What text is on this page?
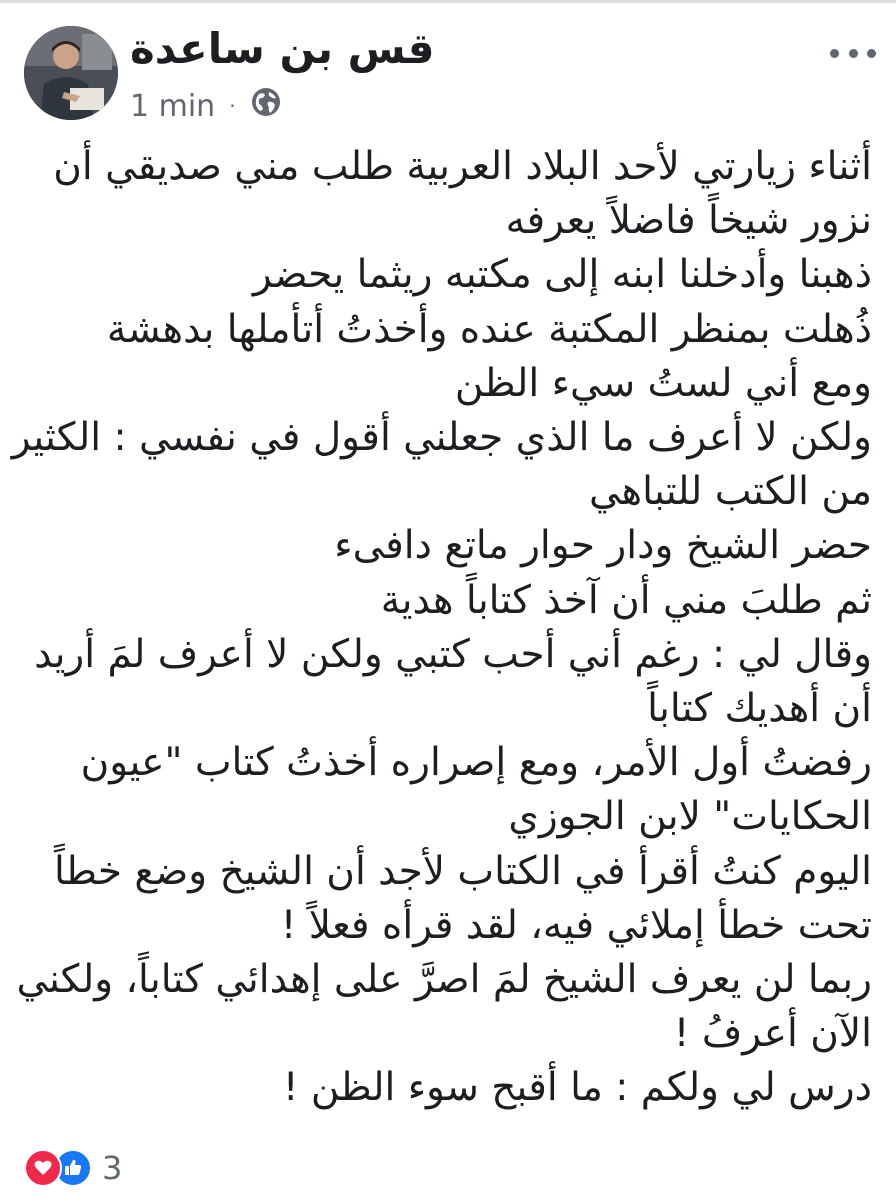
قس بن ساعدة
1 min ·
أثناء زيارتي لأحد البلاد العربية طلب مني صديقي أن
نزور شيخاً فاضلاً يعرفه
ذهبنا وأدخلنا ابنه إلى مكتبه ريثما يحضر
ذُهلت بمنظر المكتبة عنده وأخذتُ أتأملها بدهشة
ومع أني لستُ سيء الظن
ولكن لا أعرف ما الذي جعلني أقول في نفسي : الكثير
من الكتب للتباهي
حضر الشيخ ودار حوار ماتع دافىء
ثم طلبَ مني أن آخذ كتاباً هدية
وقال لي : رغم أني أحب كتبي ولكن لا أعرف لمَ أريد
أن أهديك كتاباً
رفضتُ أول الأمر، ومع إصراره أخذتُ كتاب "عيون
الحكايات" لابن الجوزي
اليوم كنتُ أقرأ في الكتاب لأجد أن الشيخ وضع خطاً
تحت خطأ إملائي فيه، لقد قرأه فعلاً !
ربما لن يعرف الشيخ لمَ اصرَّ على إهدائي كتاباً، ولكني
الآن أعرفُ !
درس لي ولكم : ما أقبح سوء الظن !
3
